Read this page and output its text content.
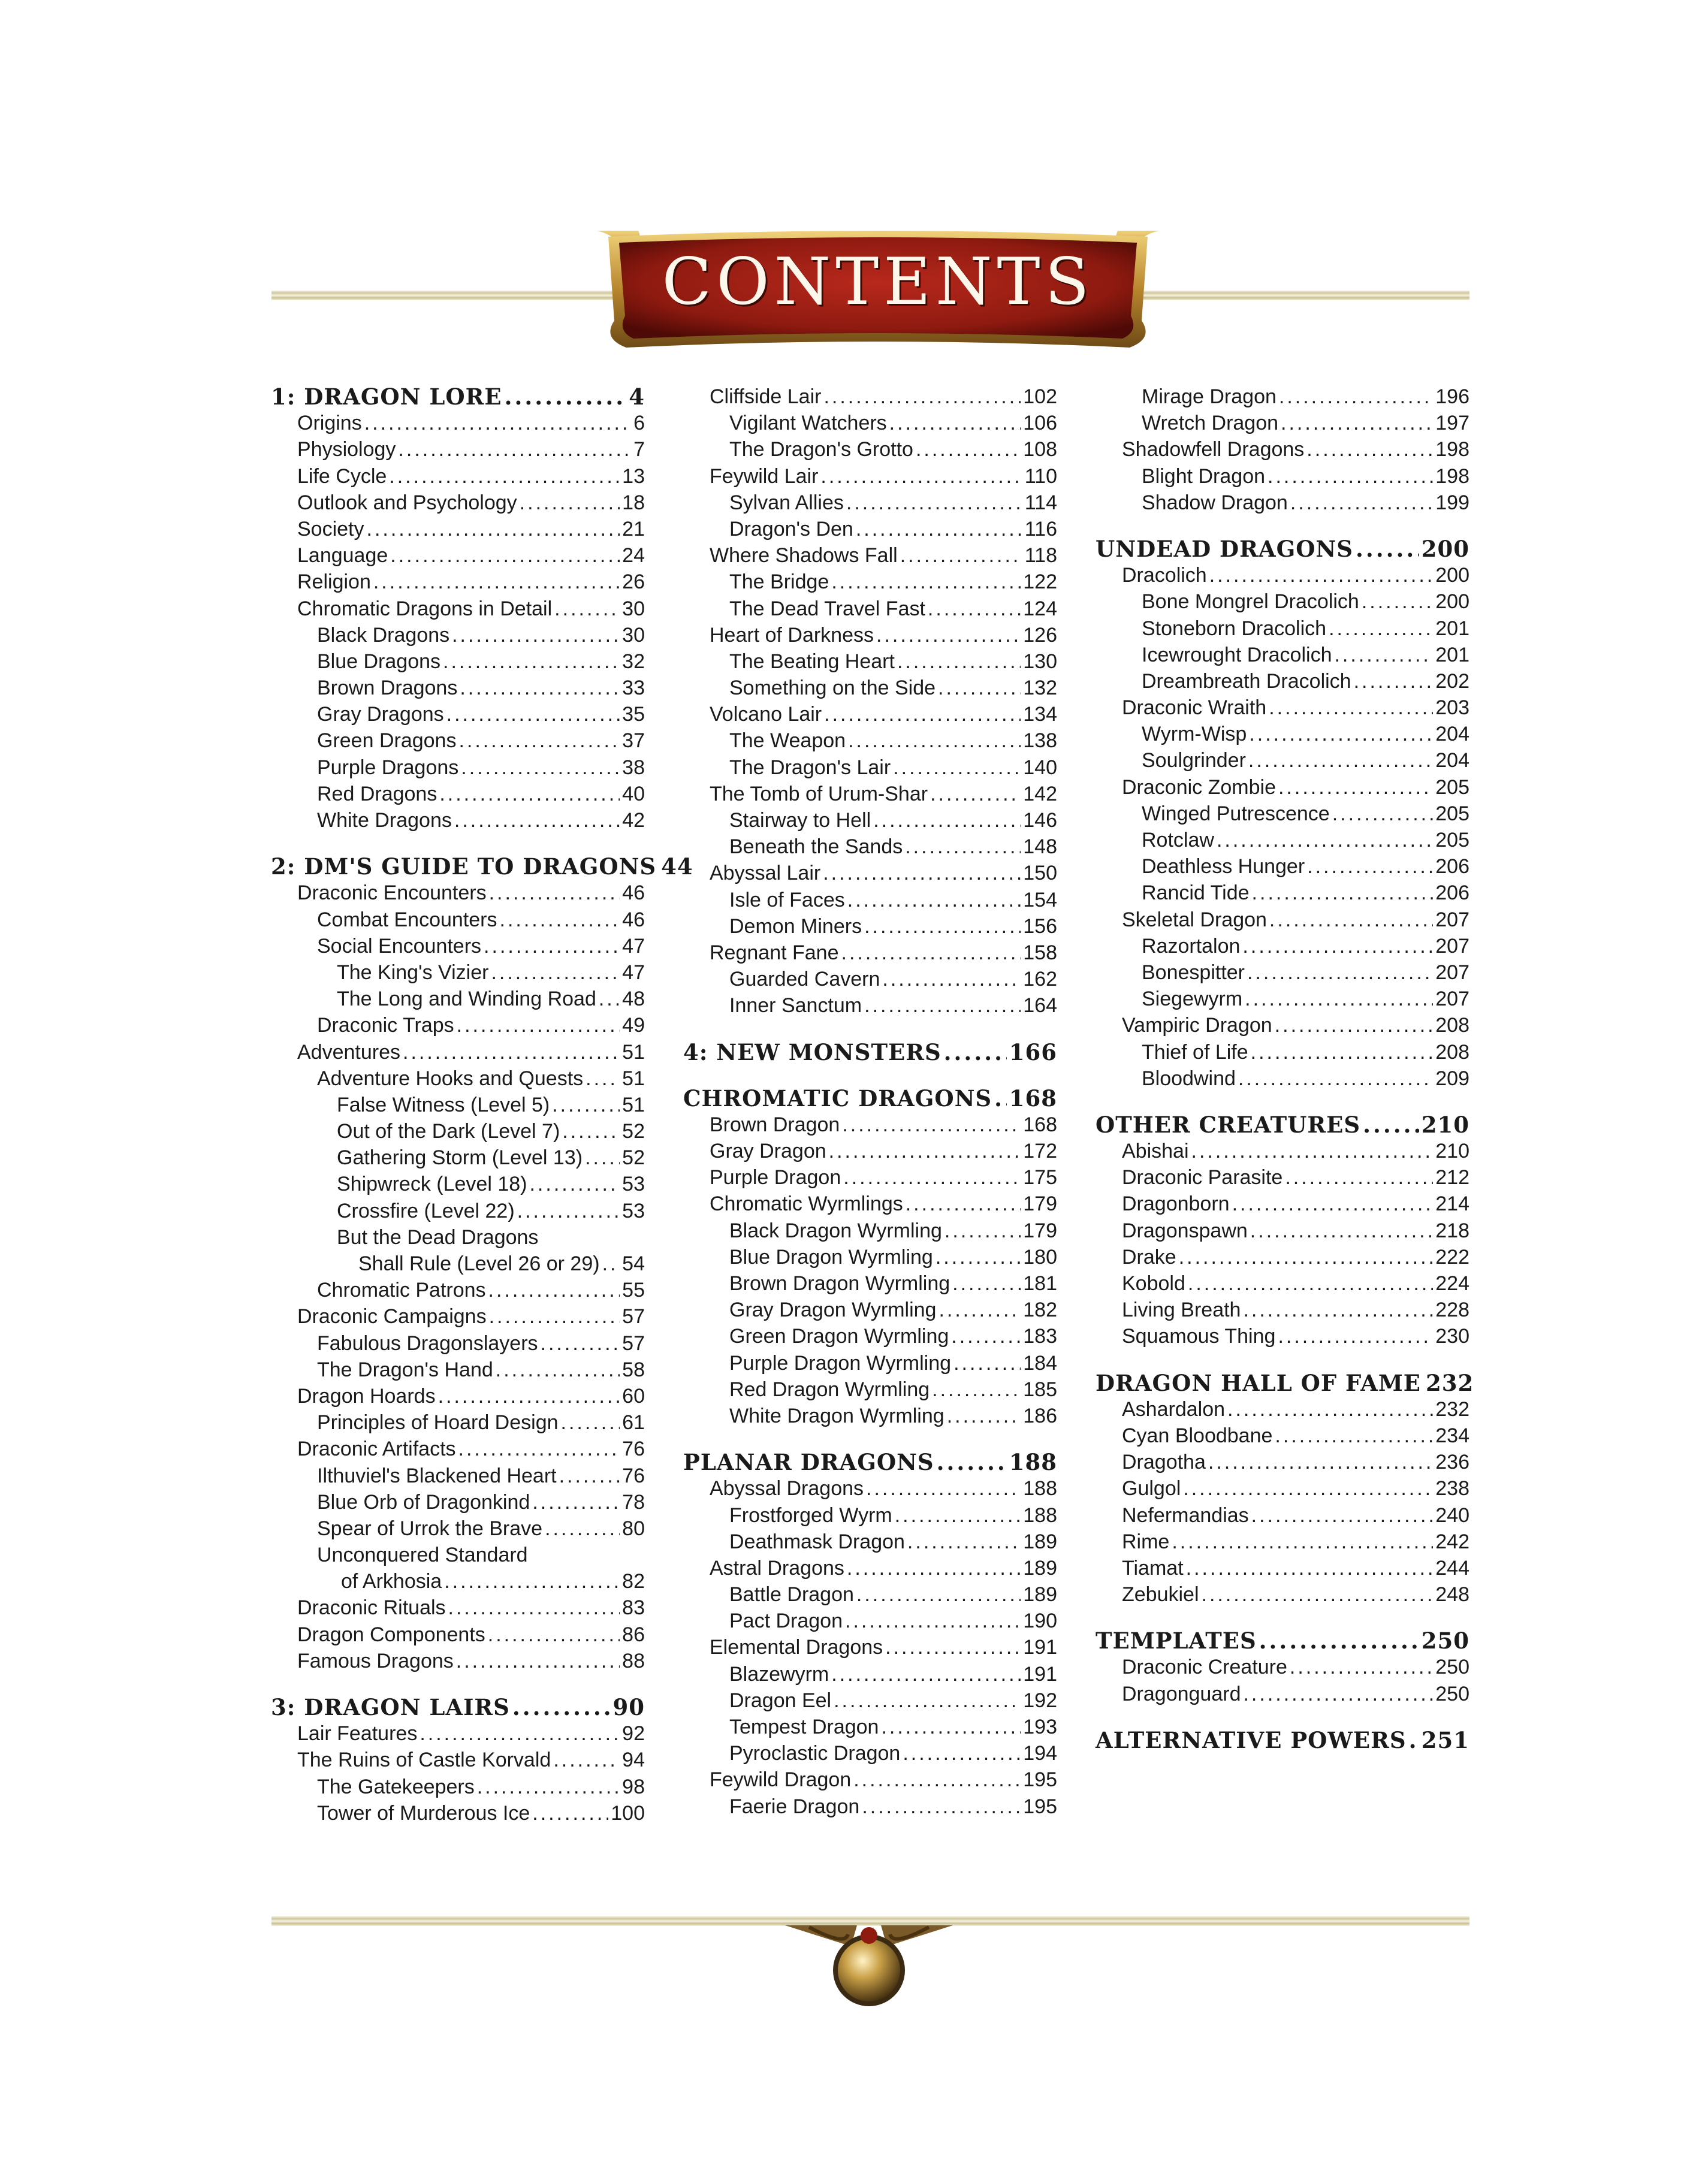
CONTENTS
1: DRAGON LORE .....	4
Origins .....	6
Physiology .....	7
Life Cycle .....	13
Outlook and Psychology .....	18
Society .....	21
Language .....	24
Religion .....	26
Chromatic Dragons in Detail .....	30
Black Dragons .....	30
Blue Dragons .....	32
Brown Dragons .....	33
Gray Dragons .....	35
Green Dragons .....	37
Purple Dragons .....	38
Red Dragons .....	40
White Dragons .....	42
2: DM'S GUIDE TO DRAGONS 44
Draconic Encounters .....	46
Combat Encounters .....	46
Social Encounters .....	47
The King's Vizier .....	47
The Long and Winding Road ..... 48
Draconic Traps .....	49
Adventures .....	51
Adventure Hooks and Quests ..... 51
False Witness (Level 5) .....	51
Out of the Dark (Level 7) .....	52
Gathering Storm (Level 13) ..... 52
Shipwreck (Level 18) .....	53
Crossfire (Level 22) .....	53
But the Dead Dragons
Shall Rule (Level 26 or 29) ..... 54
Chromatic Patrons .....	55
Draconic Campaigns .....	57
Fabulous Dragonslayers .....	57
The Dragon's Hand .....	58
Dragon Hoards .....	60
Principles of Hoard Design .....	61
Draconic Artifacts .....	76
Ilthuviel's Blackened Heart .....	76
Blue Orb of Dragonkind .....	78
Spear of Urrok the Brave .....	80
Unconquered Standard
of Arkhosia .....	82
Draconic Rituals .....	83
Dragon Components .....	86
Famous Dragons .....	88
3: DRAGON LAIRS .....	90
Lair Features .....	92
The Ruins of Castle Korvald .....	94
The Gatekeepers .....	98
Tower of Murderous Ice .....	100
Cliffside Lair .....	102
Vigilant Watchers .....	106
The Dragon's Grotto .....	108
Feywild Lair .....	110
Sylvan Allies .....	114
Dragon's Den .....	116
Where Shadows Fall .....	118
The Bridge .....	122
The Dead Travel Fast .....	124
Heart of Darkness .....	126
The Beating Heart .....	130
Something on the Side .....	132
Volcano Lair .....	134
The Weapon .....	138
The Dragon's Lair .....	140
The Tomb of Urum-Shar .....	142
Stairway to Hell .....	146
Beneath the Sands .....	148
Abyssal Lair .....	150
Isle of Faces .....	154
Demon Miners .....	156
Regnant Fane .....	158
Guarded Cavern .....	162
Inner Sanctum .....	164
4: NEW MONSTERS .....	166
CHROMATIC DRAGONS ..... 168
Brown Dragon .....	168
Gray Dragon .....	172
Purple Dragon .....	175
Chromatic Wyrmlings .....	179
Black Dragon Wyrmling .....	179
Blue Dragon Wyrmling .....	180
Brown Dragon Wyrmling .....	181
Gray Dragon Wyrmling .....	182
Green Dragon Wyrmling .....	183
Purple Dragon Wyrmling .....	184
Red Dragon Wyrmling .....	185
White Dragon Wyrmling .....	186
PLANAR DRAGONS .....	188
Abyssal Dragons .....	188
Frostforged Wyrm .....	188
Deathmask Dragon .....	189
Astral Dragons .....	189
Battle Dragon .....	189
Pact Dragon .....	190
Elemental Dragons .....	191
Blazewyrm .....	191
Dragon Eel .....	192
Tempest Dragon .....	193
Pyroclastic Dragon .....	194
Feywild Dragon .....	195
Faerie Dragon .....	195
Mirage Dragon .....	196
Wretch Dragon .....	197
Shadowfell Dragons .....	198
Blight Dragon .....	198
Shadow Dragon .....	199
UNDEAD DRAGONS .....	200
Dracolich .....	200
Bone Mongrel Dracolich .....	200
Stoneborn Dracolich .....	201
Icewrought Dracolich .....	201
Dreambreath Dracolich .....	202
Draconic Wraith .....	203
Wyrm-Wisp .....	204
Soulgrinder .....	204
Draconic Zombie .....	205
Winged Putrescence .....	205
Rotclaw .....	205
Deathless Hunger .....	206
Rancid Tide .....	206
Skeletal Dragon .....	207
Razortalon .....	207
Bonespitter .....	207
Siegewyrm .....	207
Vampiric Dragon .....	208
Thief of Life .....	208
Bloodwind .....	209
OTHER CREATURES .....	210
Abishai .....	210
Draconic Parasite .....	212
Dragonborn .....	214
Dragonspawn .....	218
Drake .....	222
Kobold .....	224
Living Breath .....	228
Squamous Thing .....	230
DRAGON HALL OF FAME 232
Ashardalon .....	232
Cyan Bloodbane .....	234
Dragotha .....	236
Gulgol .....	238
Nefermandias .....	240
Rime .....	242
Tiamat .....	244
Zebukiel .....	248
TEMPLATES .....	250
Draconic Creature .....	250
Dragonguard .....	250
ALTERNATIVE POWERS ..... 251
